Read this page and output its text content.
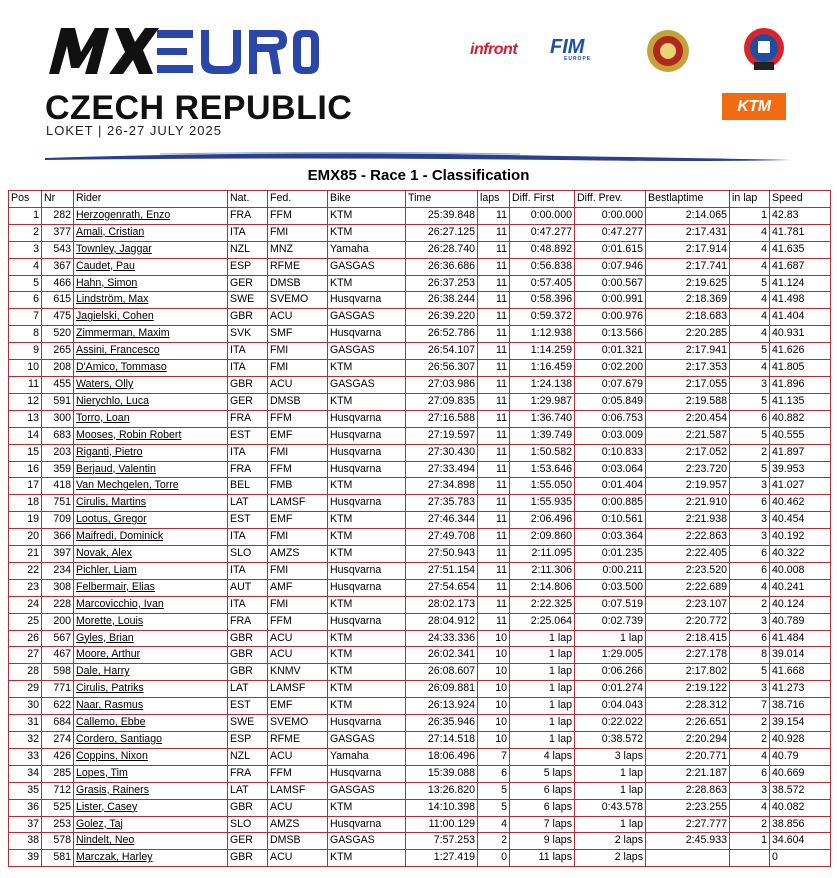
CZECH REPUBLIC
LOKET | 26-27 JULY 2025
infront FIM
EUROPE
KTM
EMX85 - Race 1 - Classification
Pos	Nr	Rider	Nat.	Fed.	Bike	Time	laps	Diff. First	Diff. Prev.	Bestlaptime	in lap	Speed
1	282	Herzogenrath, Enzo	FRA	FFM	KTM	25:39.848	11	0:00.000	0:00.000	2:14.065	1	42.83
2	377	Amali, Cristian	ITA	FMI	KTM	26:27.125	11	0:47.277	0:47.277	2:17.431	4	41.781
3	543	Townley, Jaggar	NZL	MNZ	Yamaha	26:28.740	11	0:48.892	0:01.615	2:17.914	4	41.635
4	367	Caudet, Pau	ESP	RFME	GASGAS	26:36.686	11	0:56.838	0:07.946	2:17.741	4	41.687
5	466	Hahn, Simon	GER	DMSB	KTM	26:37.253	11	0:57.405	0:00.567	2:19.625	5	41.124
6	615	Lindström, Max	SWE	SVEMO	Husqvarna	26:38.244	11	0:58.396	0:00.991	2:18.369	4	41.498
7	475	Jagielski, Cohen	GBR	ACU	GASGAS	26:39.220	11	0:59.372	0:00.976	2:18.683	4	41.404
8	520	Zimmerman, Maxim	SVK	SMF	Husqvarna	26:52.786	11	1:12.938	0:13.566	2:20.285	4	40.931
9	265	Assini, Francesco	ITA	FMI	GASGAS	26:54.107	11	1:14.259	0:01.321	2:17.941	5	41.626
10	208	D'Amico, Tommaso	ITA	FMI	KTM	26:56.307	11	1:16.459	0:02.200	2:17.353	4	41.805
11	455	Waters, Olly	GBR	ACU	GASGAS	27:03.986	11	1:24.138	0:07.679	2:17.055	3	41.896
12	591	Nierychlo, Luca	GER	DMSB	KTM	27:09.835	11	1:29.987	0:05.849	2:19.588	5	41.135
13	300	Torro, Loan	FRA	FFM	Husqvarna	27:16.588	11	1:36.740	0:06.753	2:20.454	6	40.882
14	683	Mooses, Robin Robert	EST	EMF	Husqvarna	27:19.597	11	1:39.749	0:03.009	2:21.587	5	40.555
15	203	Riganti, Pietro	ITA	FMI	Husqvarna	27:30.430	11	1:50.582	0:10.833	2:17.052	2	41.897
16	359	Berjaud, Valentin	FRA	FFM	Husqvarna	27:33.494	11	1:53.646	0:03.064	2:23.720	5	39.953
17	418	Van Mechgelen, Torre	BEL	FMB	KTM	27:34.898	11	1:55.050	0:01.404	2:19.957	3	41.027
18	751	Cirulis, Martins	LAT	LAMSF	Husqvarna	27:35.783	11	1:55.935	0:00.885	2:21.910	6	40.462
19	709	Lootus, Gregor	EST	EMF	KTM	27:46.344	11	2:06.496	0:10.561	2:21.938	3	40.454
20	366	Maifredi, Dominick	ITA	FMI	KTM	27:49.708	11	2:09.860	0:03.364	2:22.863	3	40.192
21	397	Novak, Alex	SLO	AMZS	KTM	27:50.943	11	2:11.095	0:01.235	2:22.405	6	40.322
22	234	Pichler, Liam	ITA	FMI	Husqvarna	27:51.154	11	2:11.306	0:00.211	2:23.520	6	40.008
23	308	Felbermair, Elias	AUT	AMF	Husqvarna	27:54.654	11	2:14.806	0:03.500	2:22.689	4	40.241
24	228	Marcovicchio, Ivan	ITA	FMI	KTM	28:02.173	11	2:22.325	0:07.519	2:23.107	2	40.124
25	200	Morette, Louis	FRA	FFM	Husqvarna	28:04.912	11	2:25.064	0:02.739	2:20.772	3	40.789
26	567	Gyles, Brian	GBR	ACU	KTM	24:33.336	10	1 lap	1 lap	2:18.415	6	41.484
27	467	Moore, Arthur	GBR	ACU	KTM	26:02.341	10	1 lap	1:29.005	2:27.178	8	39.014
28	598	Dale, Harry	GBR	KNMV	KTM	26:08.607	10	1 lap	0:06.266	2:17.802	5	41.668
29	771	Cirulis, Patriks	LAT	LAMSF	KTM	26:09.881	10	1 lap	0:01.274	2:19.122	3	41.273
30	622	Naar, Rasmus	EST	EMF	KTM	26:13.924	10	1 lap	0:04.043	2:28.312	7	38.716
31	684	Callemo, Ebbe	SWE	SVEMO	Husqvarna	26:35.946	10	1 lap	0:22.022	2:26.651	2	39.154
32	274	Cordero, Santiago	ESP	RFME	GASGAS	27:14.518	10	1 lap	0:38.572	2:20.294	2	40.928
33	426	Coppins, Nixon	NZL	ACU	Yamaha	18:06.496	7	4 laps	3 laps	2:20.771	4	40.79
34	285	Lopes, Tim	FRA	FFM	Husqvarna	15:39.088	6	5 laps	1 lap	2:21.187	6	40.669
35	712	Grasis, Rainers	LAT	LAMSF	GASGAS	13:26.820	5	6 laps	1 lap	2:28.863	3	38.572
36	525	Lister, Casey	GBR	ACU	KTM	14:10.398	5	6 laps	0:43.578	2:23.255	4	40.082
37	253	Golez, Taj	SLO	AMZS	Husqvarna	11:00.129	4	7 laps	1 lap	2:27.777	2	38.856
38	578	Nindelt, Neo	GER	DMSB	GASGAS	7:57.253	2	9 laps	2 laps	2:45.933	1	34.604
39	581	Marczak, Harley	GBR	ACU	KTM	1:27.419	0	11 laps	2 laps			0
